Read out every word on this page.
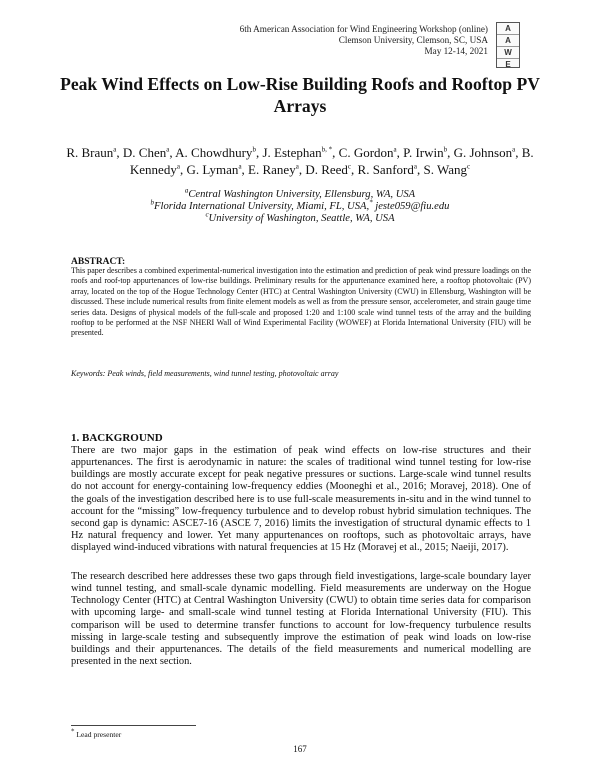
6th American Association for Wind Engineering Workshop (online)
Clemson University, Clemson, SC, USA
May 12-14, 2021
A
A
W
E
Peak Wind Effects on Low-Rise Building Roofs and Rooftop PV Arrays

R. Braun$^a$, D. Chen$^a$, A. Chowdhury$^b$, J. Estephan$^{b, *}$, C. Gordon$^a$, P. Irwin$^b$, G. Johnson$^a$, B. Kennedy$^a$, G. Lyman$^a$, E. Raney$^a$, D. Reed$^c$, R. Sanford$^a$, S. Wang$^c$

$^a$Central Washington University, Ellensburg, WA, USA
$^b$Florida International University, Miami, FL, USA,* jeste059@fiu.edu
$^c$University of Washington, Seattle, WA, USA
ABSTRACT:

This paper describes a combined experimental-numerical investigation into the estimation and prediction of peak wind pressure loadings on the roofs and roof-top appurtenances of low-rise buildings. Preliminary results for the appurtenance examined here, a rooftop photovoltaic (PV) array, located on the top of the Hogue Technology Center (HTC) at Central Washington University (CWU) in Ellensburg, Washington will be discussed. These include numerical results from finite element models as well as from the pressure sensor, accelerometer, and strain gauge time series data. Designs of physical models of the full-scale and proposed 1:20 and 1:100 scale wind tunnel tests of the array and the building rooftop to be performed at the NSF NHERI Wall of Wind Experimental Facility (WOWEF) at Florida International University (FIU) will be presented.

Keywords: Peak winds, field measurements, wind tunnel testing, photovoltaic array

1. BACKGROUND

There are two major gaps in the estimation of peak wind effects on low-rise structures and their appurtenances. The first is aerodynamic in nature: the scales of traditional wind tunnel testing for low-rise buildings are mostly accurate except for peak negative pressures or suctions. Large-scale wind tunnel results do not account for energy-containing low-frequency eddies (Mooneghi et al., 2016; Moravej, 2018). One of the goals of the investigation described here is to use full-scale measurements in-situ and in the wind tunnel to account for the “missing” low-frequency turbulence and to develop robust hybrid simulation techniques. The second gap is dynamic: ASCE7-16 (ASCE 7, 2016) limits the investigation of structural dynamic effects to 1 Hz natural frequency and lower. Yet many appurtenances on rooftops, such as photovoltaic arrays, have displayed wind-induced vibrations with natural frequencies at 15 Hz (Moravej et al., 2015; Naeiji, 2017).

The research described here addresses these two gaps through field investigations, large-scale boundary layer wind tunnel testing, and small-scale dynamic modelling. Field measurements are underway on the Hogue Technology Center (HTC) at Central Washington University (CWU) to obtain time series data for comparison with upcoming large- and small-scale wind tunnel testing at Florida International University (FIU). This comparison will be used to determine transfer functions to account for low-frequency turbulence results missing in large-scale testing and subsequently improve the estimation of peak wind loads on low-rise buildings and their appurtenances. The details of the field measurements and numerical modelling are presented in the next section.

* Lead presenter

167
